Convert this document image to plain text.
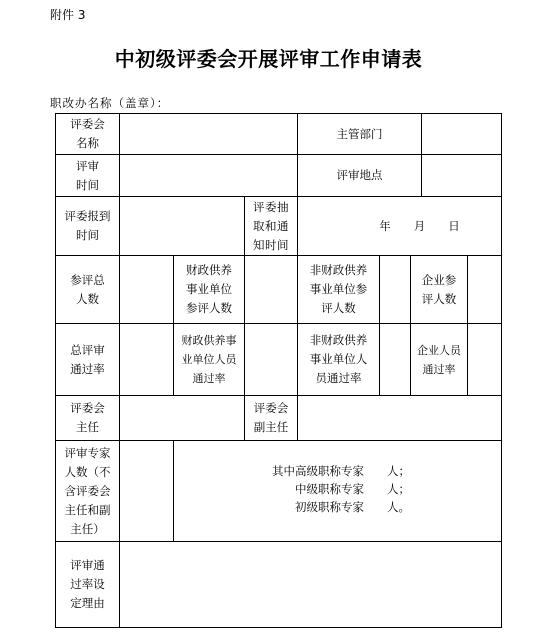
附件 3
中初级评委会开展评审工作申请表
职改办名称（盖章）：
评委会
名称
主管部门
评审
时间
评审地点
评委报到
时间
评委抽
取和通
知时间
年　　月　　日
参评总
人数
财政供养
事业单位
参评人数
非财政供养
事业单位参
评人数
企业参
评人数
总评审
通过率
财政供养事
业单位人员
通过率
非财政供养
事业单位人
员通过率
企业人员
通过率
评委会
主任
评委会
副主任
评审专家
人数（不
含评委会
主任和副
主任）
其中高级职称专家　　人；
中级职称专家　　人；
初级职称专家　　人。
评审通
过率设
定理由
